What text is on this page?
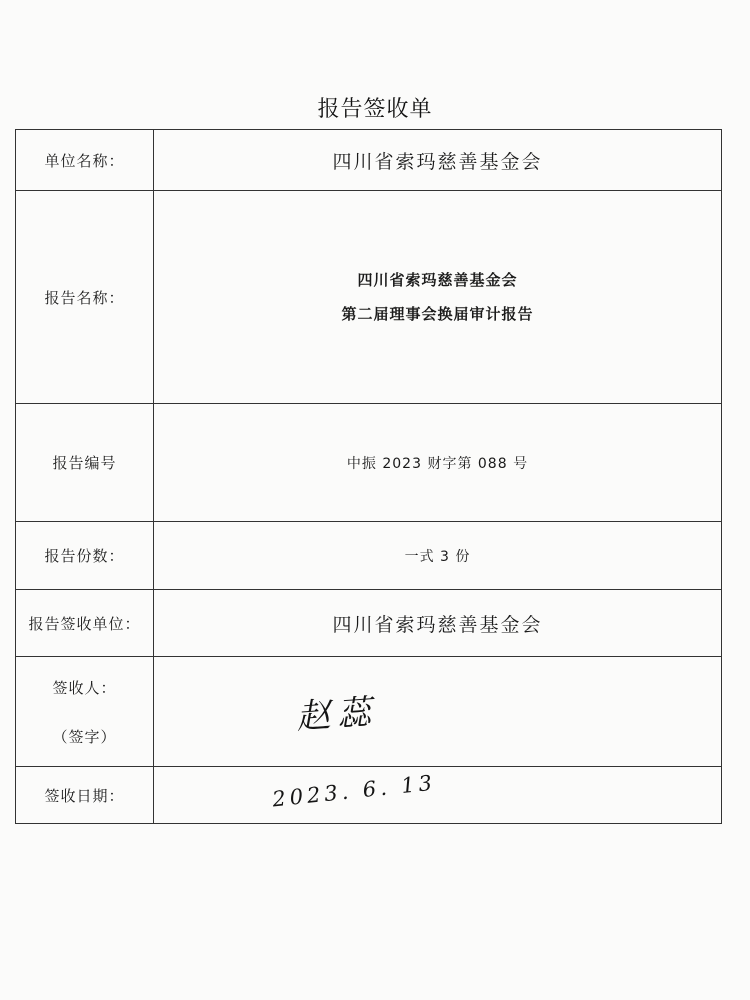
报告签收单
单位名称：	四川省索玛慈善基金会
报告名称：	四川省索玛慈善基金会
第二届理事会换届审计报告

报告编号	中振 2023 财字第 088 号
报告份数：	一式 3 份
报告签收单位：	四川省索玛慈善基金会

签收人：
（签字）	赵 蕊

签收日期：	2023. 6. 13
